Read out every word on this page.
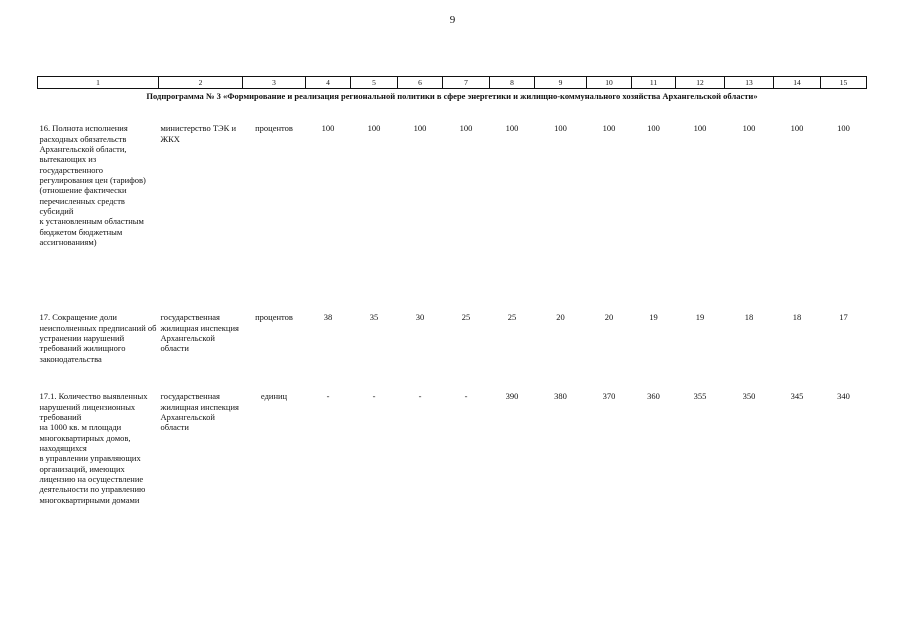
9
1	2	3	4	5	6	7	8	9	10	11	12	13	14	15
Подпрограмма № 3 «Формирование и реализация региональной политики в сфере энергетики и жилищно-коммунального хозяйства Архангельской области»														
16. Полнота исполнения расходных обязательств Архангельской области, вытекающих из государственного регулирования цен (тарифов) (отношение фактически перечисленных средств субсидий
к установленным областным бюджетом бюджетным ассигнованиям)	министерство ТЭК и ЖКХ	процентов	100	100	100	100	100	100	100	100	100	100	100	100
17. Сокращение доли неисполненных предписаний об устранении нарушений требований жилищного законодательства	государственная жилищная инспекция Архангельской области	процентов	38	35	30	25	25	20	20	19	19	18	18	17
17.1. Количество выявленных нарушений лицензионных требований
на 1000 кв. м площади многоквартирных домов, находящихся
в управлении управляющих организаций, имеющих лицензию на осуществление деятельности по управлению многоквартирными домами	государственная жилищная инспекция Архангельской области	единиц	-	-	-	-	390	380	370	360	355	350	345	340
